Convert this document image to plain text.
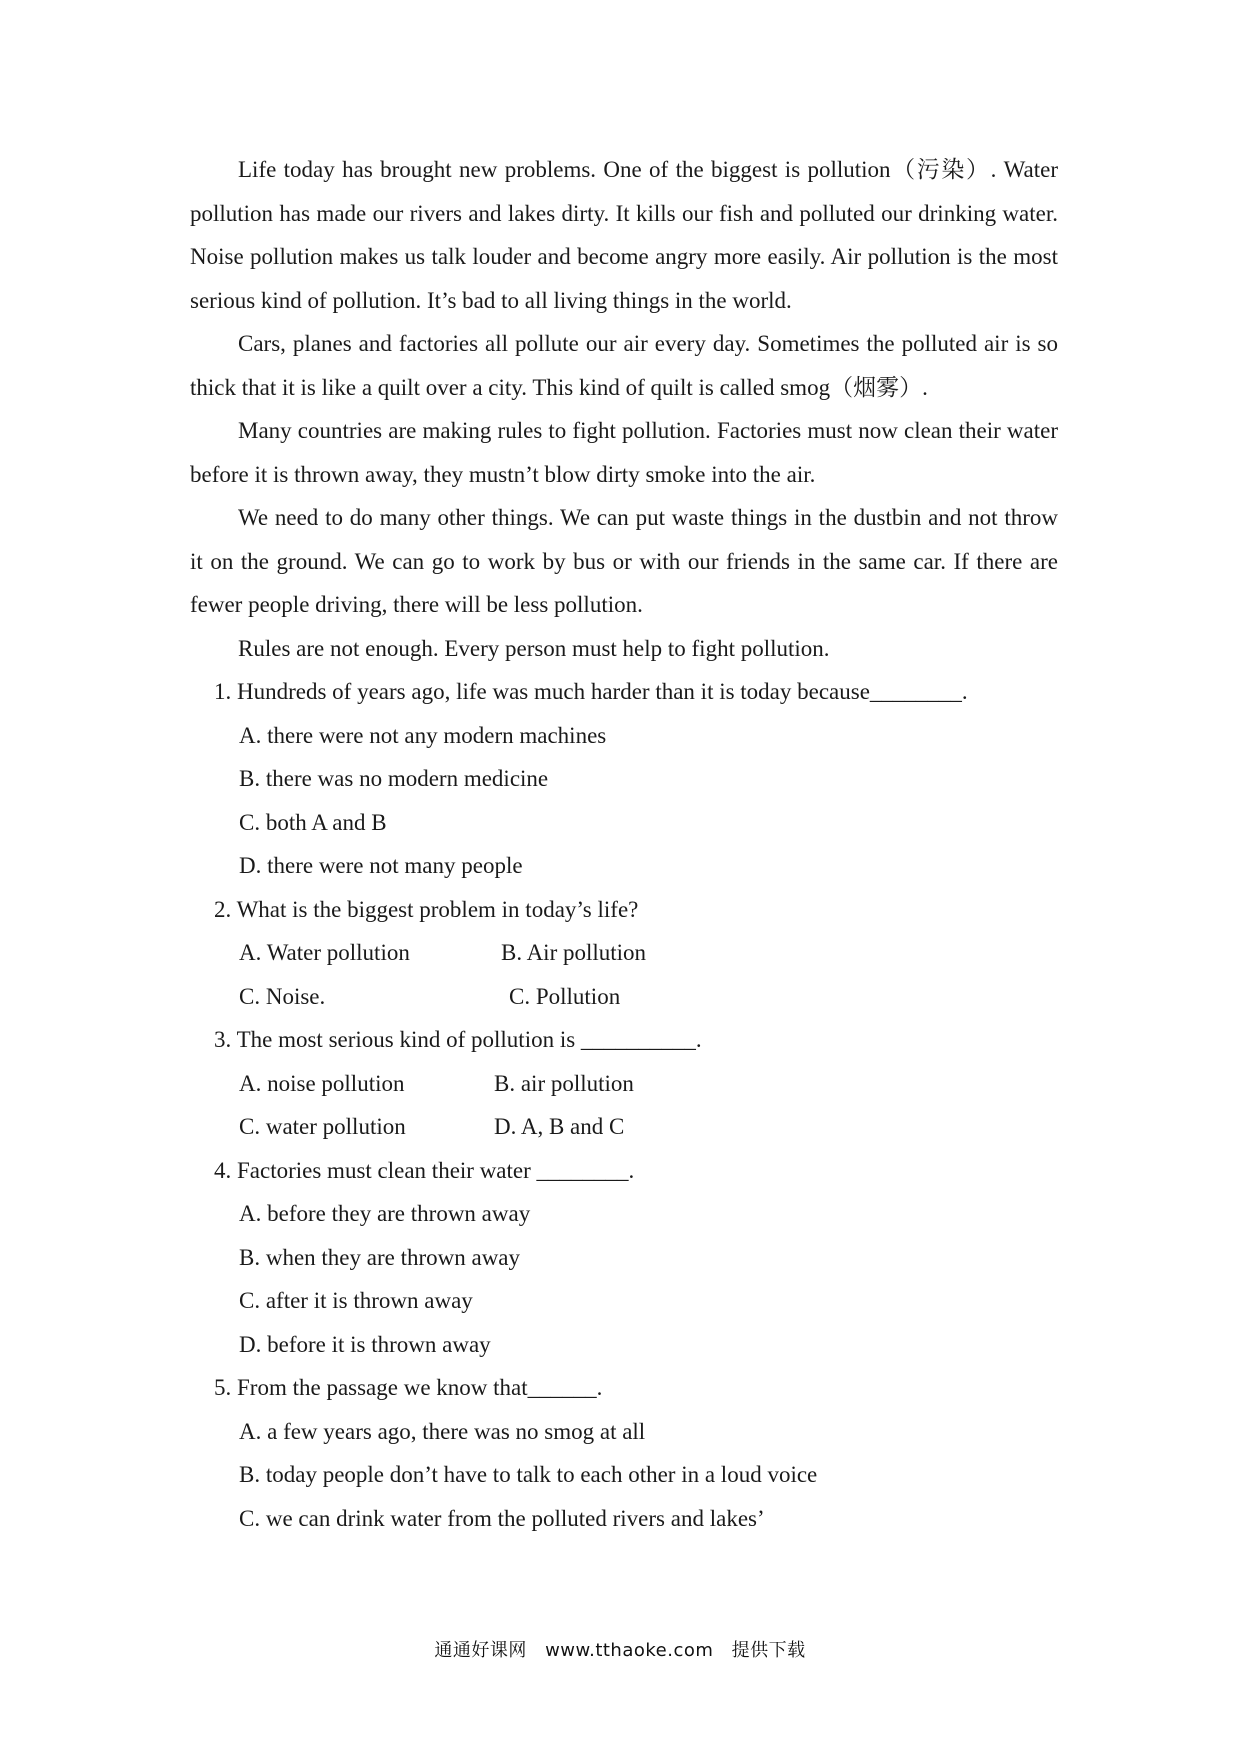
Life today has brought new problems. One of the biggest is pollution（污染）. Water pollution has made our rivers and lakes dirty. It kills our fish and polluted our drinking water. Noise pollution makes us talk louder and become angry more easily. Air pollution is the most serious kind of pollution. It’s bad to all living things in the world.

Cars, planes and factories all pollute our air every day. Sometimes the polluted air is so thick that it is like a quilt over a city. This kind of quilt is called smog（烟雾）.

Many countries are making rules to fight pollution. Factories must now clean their water before it is thrown away, they mustn’t blow dirty smoke into the air.

We need to do many other things. We can put waste things in the dustbin and not throw it on the ground. We can go to work by bus or with our friends in the same car. If there are fewer people driving, there will be less pollution.

Rules are not enough. Every person must help to fight pollution.

1. Hundreds of years ago, life was much harder than it is today because________.

A. there were not any modern machines

B. there was no modern medicine

C. both A and B

D. there were not many people

2. What is the biggest problem in today’s life?

A. Water pollution	B. Air pollution
C. Noise.	C. Pollution

3. The most serious kind of pollution is __________.

A. noise pollution	B. air pollution
C. water pollution	D. A, B and C

4. Factories must clean their water ________.

A. before they are thrown away

B. when they are thrown away

C. after it is thrown away

D. before it is thrown away

5. From the passage we know that______.

A. a few years ago, there was no smog at all

B. today people don’t have to talk to each other in a loud voice

C. we can drink water from the polluted rivers and lakes’

通通好课网 www.tthaoke.com 提供下载
